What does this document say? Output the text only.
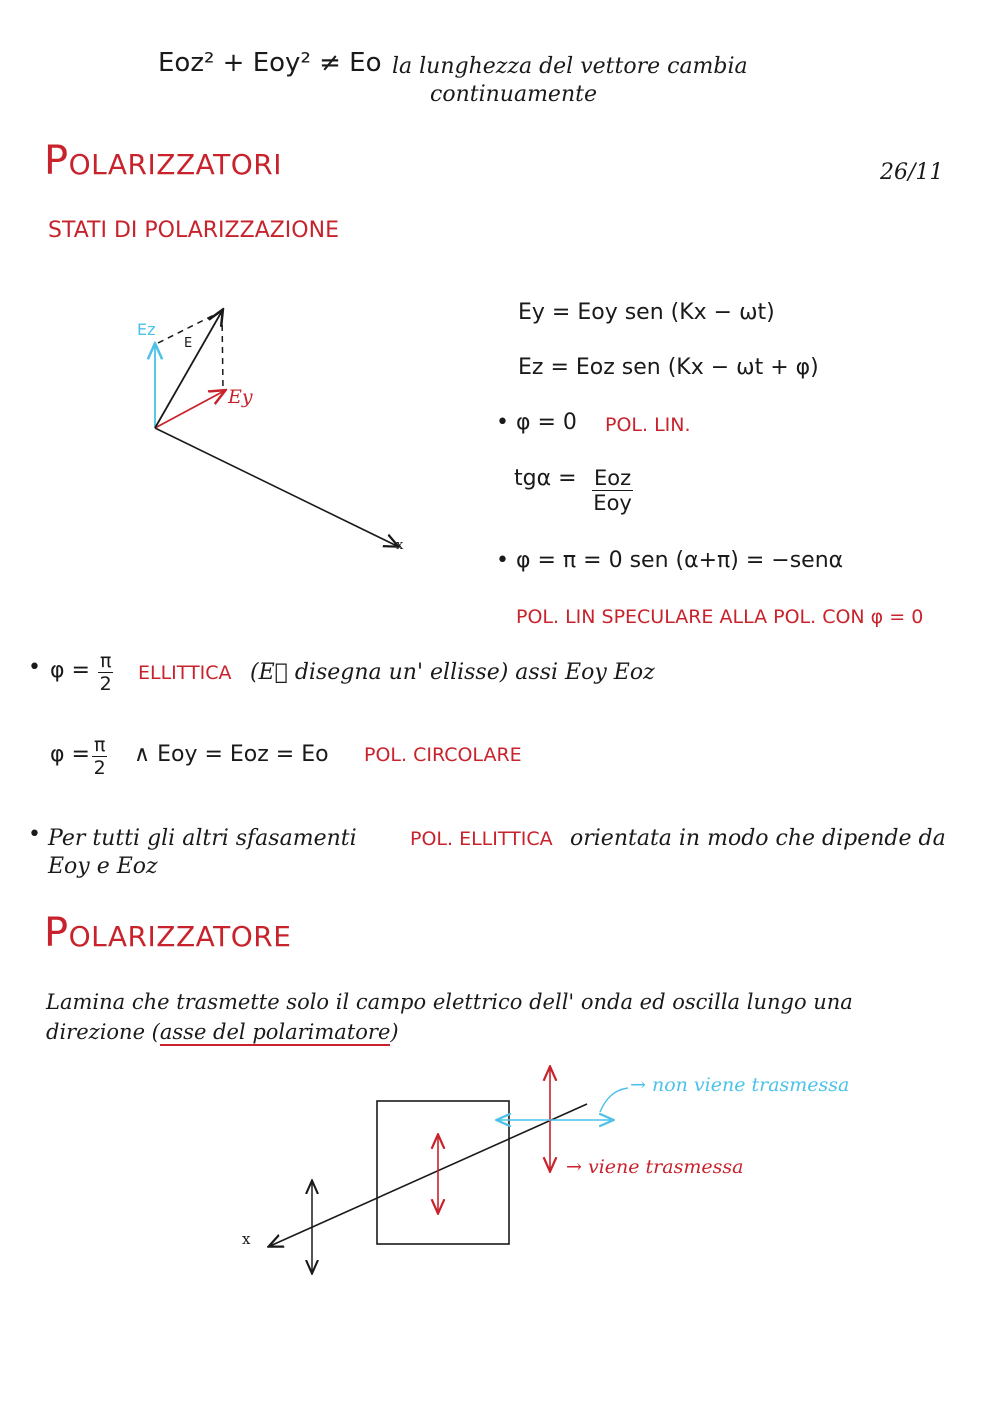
Eoz² + Eoy² ≠ Eo la lunghezza del vettore cambia
continuamente
Polarizzatori	26/11
STATI DI POLARIZZAZIONE
Ez
E
Ey
x
Ey = Eoy sen (Kx − ωt)
Ez = Eoz sen (Kx − ωt + φ)
• φ = 0 POL. LIN.
tgα = Eoz
Eoy
• φ = π = 0 sen (α+π) = −senα
POL. LIN SPECULARE ALLA POL. CON φ = 0
• $\varphi = \frac{\pi}{2}$ ELLITTICA (E⃗ disegna un' ellisse) assi Eoy Eoz
$\varphi = \frac{\pi}{2}$ ∧ Eoy = Eoz = Eo POL. CIRCOLARE
• Per tutti gli altri sfasamenti	POL. ELLITTICA orientata in modo che dipende da
Eoy e Eoz
Polarizzatore
Lamina che trasmette solo il campo elettrico dell' onda ed oscilla lungo una
direzione (asse del polarimatore)
→ non viene trasmessa
→ viene trasmessa
x
